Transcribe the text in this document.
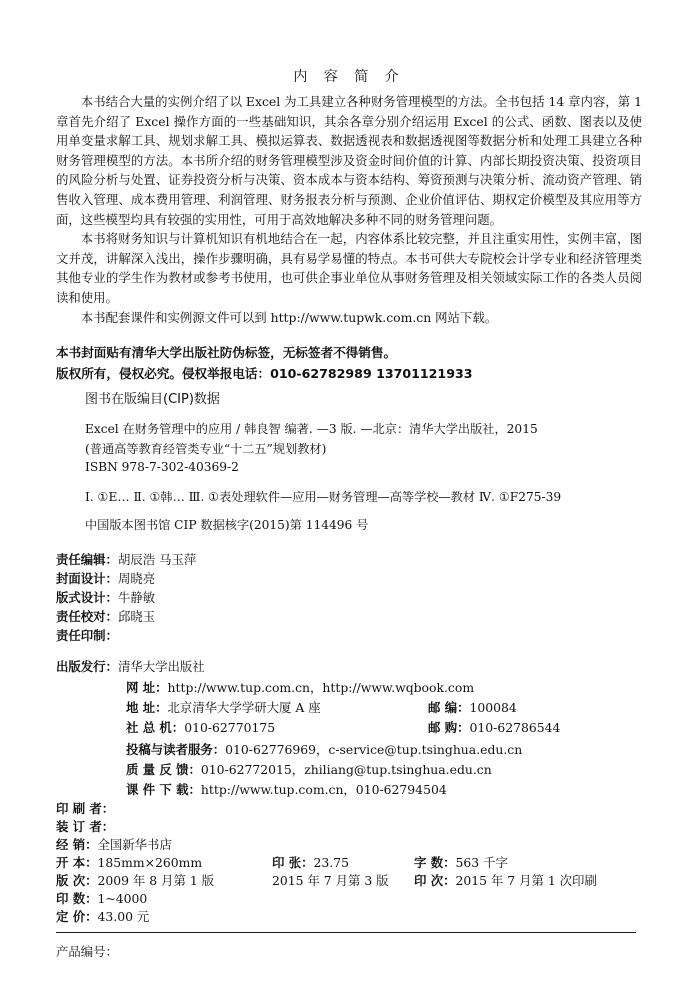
内 容 简 介

本书结合大量的实例介绍了以 Excel 为工具建立各种财务管理模型的方法。全书包括 14 章内容，第 1 章首先介绍了 Excel 操作方面的一些基础知识，其余各章分别介绍运用 Excel 的公式、函数、图表以及使用单变量求解工具、规划求解工具、模拟运算表、数据透视表和数据透视图等数据分析和处理工具建立各种财务管理模型的方法。本书所介绍的财务管理模型涉及资金时间价值的计算、内部长期投资决策、投资项目的风险分析与处置、证券投资分析与决策、资本成本与资本结构、筹资预测与决策分析、流动资产管理、销售收入管理、成本费用管理、利润管理、财务报表分析与预测、企业价值评估、期权定价模型及其应用等方面，这些模型均具有较强的实用性，可用于高效地解决多种不同的财务管理问题。

本书将财务知识与计算机知识有机地结合在一起，内容体系比较完整，并且注重实用性，实例丰富，图文并茂，讲解深入浅出，操作步骤明确，具有易学易懂的特点。本书可供大专院校会计学专业和经济管理类其他专业的学生作为教材或参考书使用，也可供企事业单位从事财务管理及相关领域实际工作的各类人员阅读和使用。

本书配套课件和实例源文件可以到 http://www.tupwk.com.cn 网站下载。

本书封面贴有清华大学出版社防伪标签，无标签者不得销售。
版权所有，侵权必究。侵权举报电话：010-62782989 13701121933
图书在版编目(CIP)数据
Excel 在财务管理中的应用 / 韩良智 编著. —3 版. —北京：清华大学出版社，2015
(普通高等教育经管类专业“十二五”规划教材)
ISBN 978-7-302-40369-2
Ⅰ. ①E… Ⅱ. ①韩… Ⅲ. ①表处理软件—应用—财务管理—高等学校—教材 Ⅳ. ①F275-39
中国版本图书馆 CIP 数据核字(2015)第 114496 号
责任编辑：胡辰浩 马玉萍
封面设计：周晓亮
版式设计：牛静敏
责任校对：邱晓玉
责任印制：
出版发行：清华大学出版社
网 址：http://www.tup.com.cn，http://www.wqbook.com
地 址：北京清华大学学研大厦 A 座	邮 编：100084
社 总 机：010-62770175	邮 购：010-62786544
投稿与读者服务：010-62776969，c-service@tup.tsinghua.edu.cn
质 量 反 馈：010-62772015，zhiliang@tup.tsinghua.edu.cn
课 件 下 载：http://www.tup.com.cn，010-62794504
印 刷 者：
装 订 者：
经 销：全国新华书店
开 本：185mm×260mm	印 张：23.75	字 数：563 千字
版 次：2009 年 8 月第 1 版	2015 年 7 月第 3 版 印 次：2015 年 7 月第 1 次印刷
印 数：1~4000
定 价：43.00 元
产品编号：
